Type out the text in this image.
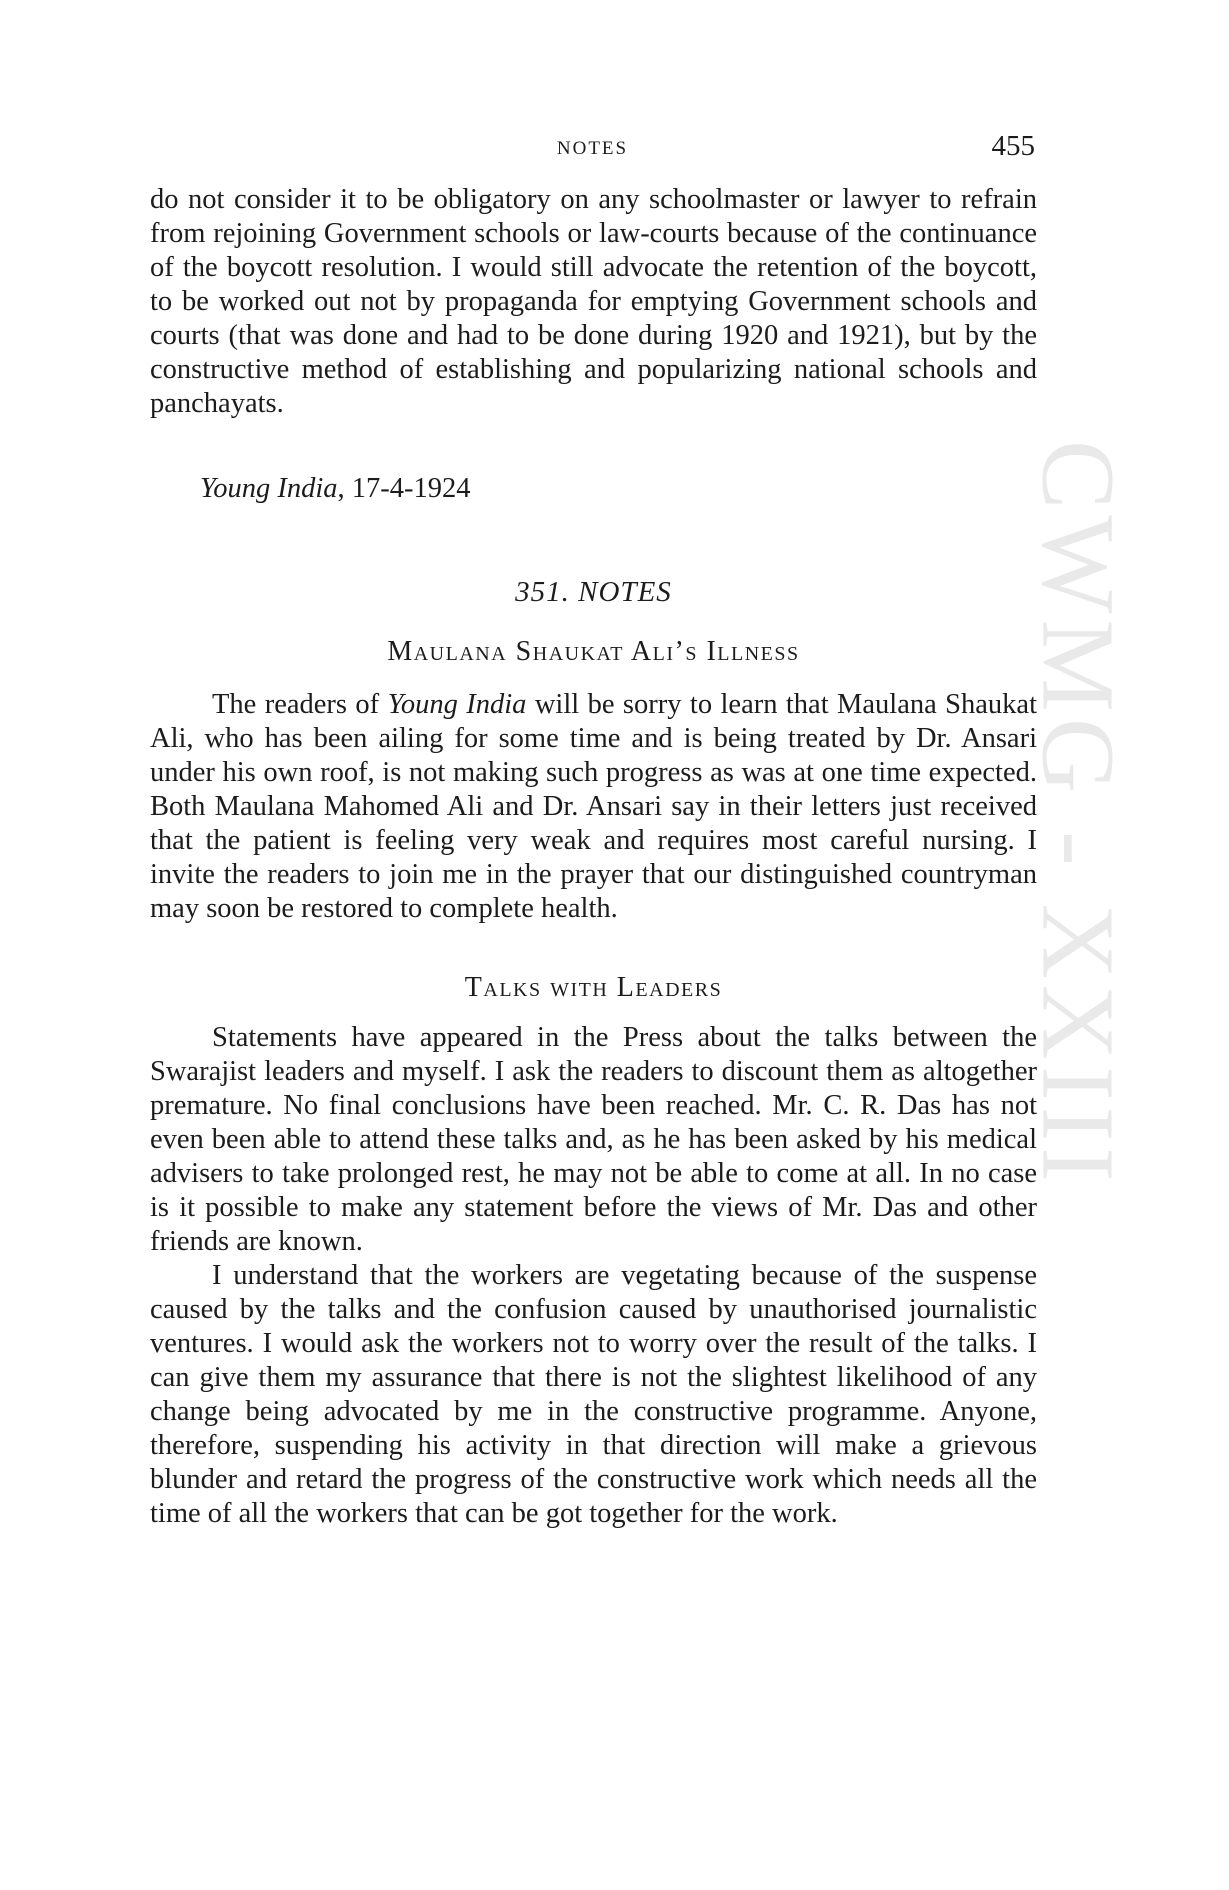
CWMG - XXIII
NOTES	455

do not consider it to be obligatory on any schoolmaster or lawyer to refrain from rejoining Government schools or law-courts because of the continuance of the boycott resolution. I would still advocate the retention of the boycott, to be worked out not by propaganda for emptying Government schools and courts (that was done and had to be done during 1920 and 1921), but by the constructive method of establishing and popularizing national schools and panchayats.

Young India, 17-4-1924
351. NOTES
Maulana Shaukat Ali’s Illness

The readers of Young India will be sorry to learn that Maulana Shaukat Ali, who has been ailing for some time and is being treated by Dr. Ansari under his own roof, is not making such progress as was at one time expected. Both Maulana Mahomed Ali and Dr. Ansari say in their letters just received that the patient is feeling very weak and requires most careful nursing. I invite the readers to join me in the prayer that our distinguished countryman may soon be restored to complete health.

Talks with Leaders

Statements have appeared in the Press about the talks between the Swarajist leaders and myself. I ask the readers to discount them as altogether premature. No final conclusions have been reached. Mr. C. R. Das has not even been able to attend these talks and, as he has been asked by his medical advisers to take prolonged rest, he may not be able to come at all. In no case is it possible to make any statement before the views of Mr. Das and other friends are known.

I understand that the workers are vegetating because of the suspense caused by the talks and the confusion caused by unauthorised journalistic ventures. I would ask the workers not to worry over the result of the talks. I can give them my assurance that there is not the slightest likelihood of any change being advocated by me in the constructive programme. Anyone, therefore, suspending his activity in that direction will make a grievous blunder and retard the progress of the constructive work which needs all the time of all the workers that can be got together for the work.
